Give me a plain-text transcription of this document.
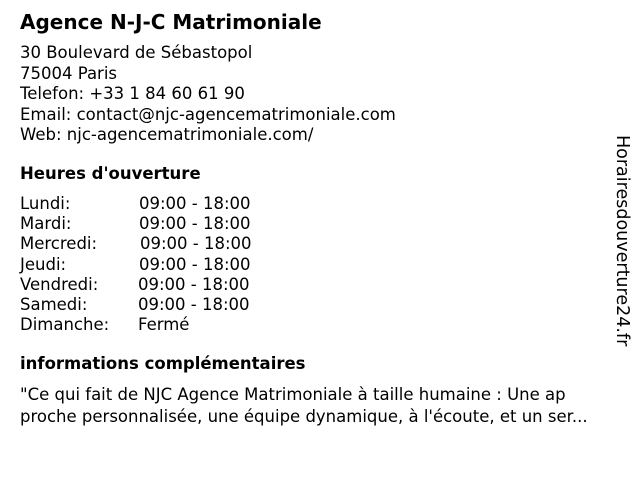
Agence N-J-C Matrimoniale
30 Boulevard de Sébastopol
75004 Paris
Telefon: +33 1 84 60 61 90
Email: contact@njc-agencematrimoniale.com
Web: njc-agencematrimoniale.com/
Heures d'ouverture
Lundi:	09:00 - 18:00
Mardi:	09:00 - 18:00
Mercredi:	09:00 - 18:00
Jeudi:	09:00 - 18:00
Vendredi: 09:00 - 18:00
Samedi:	09:00 - 18:00
Dimanche: Fermé
informations complémentaires
"Ce qui fait de NJC Agence Matrimoniale à taille humaine : Une ap
proche personnalisée, une équipe dynamique, à l'écoute, et un ser...
Horairesdouverture24.fr
